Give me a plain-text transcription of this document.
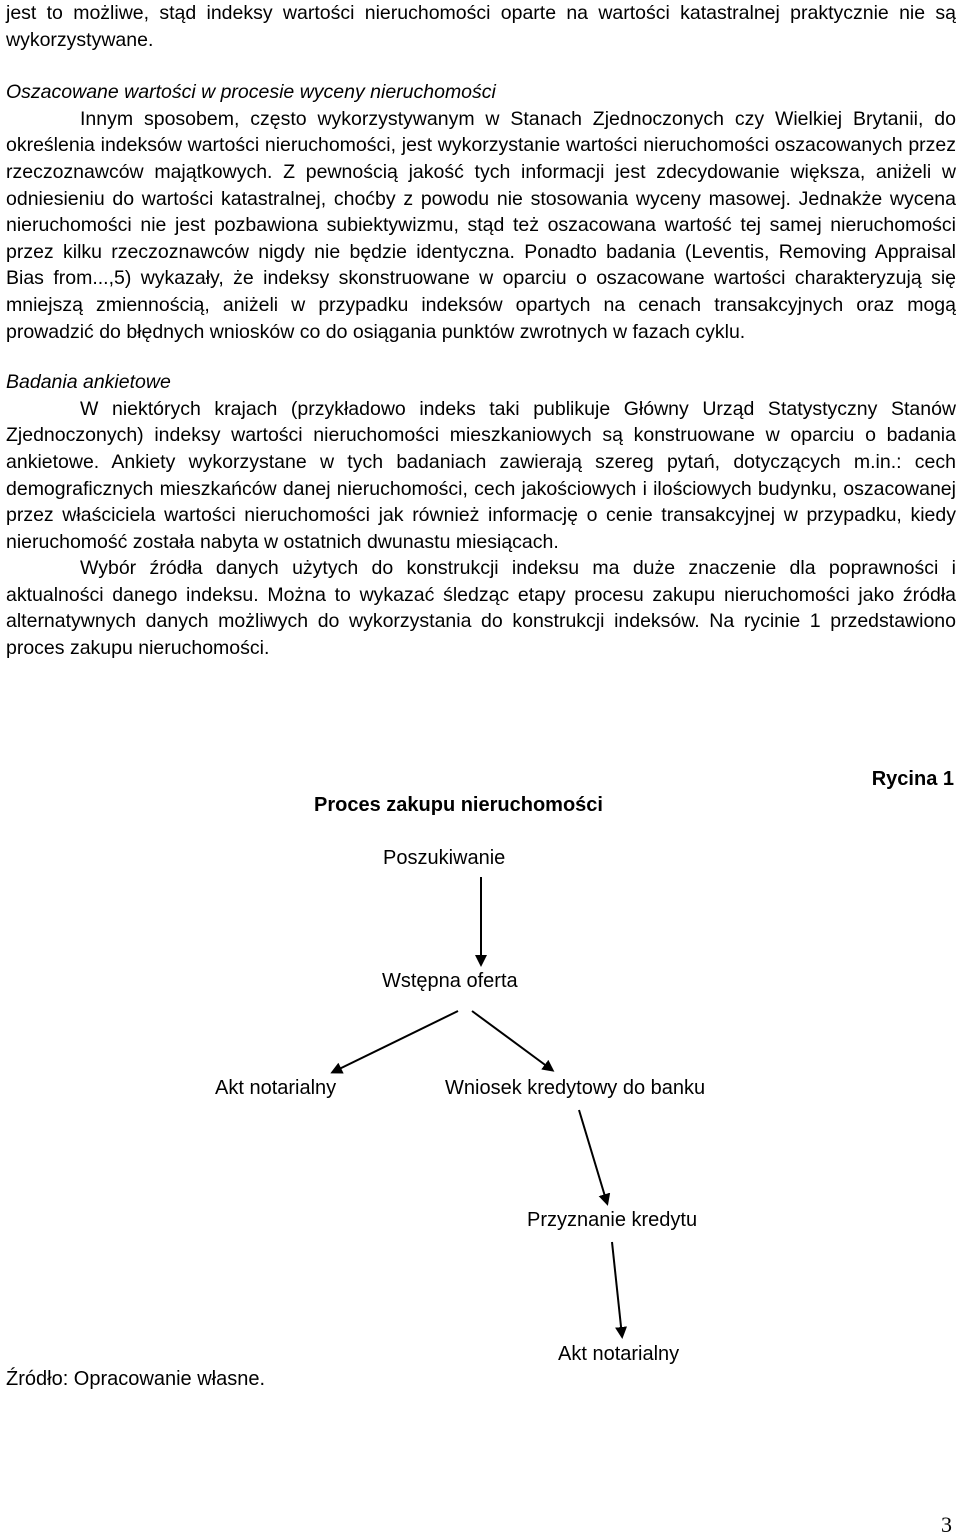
jest to możliwe, stąd indeksy wartości nieruchomości oparte na wartości katastralnej praktycznie nie są wykorzystywane.

Oszacowane wartości w procesie wyceny nieruchomości

Innym sposobem, często wykorzystywanym w Stanach Zjednoczonych czy Wielkiej Brytanii, do określenia indeksów wartości nieruchomości, jest wykorzystanie wartości nieruchomości oszacowanych przez rzeczoznawców majątkowych. Z pewnością jakość tych informacji jest zdecydowanie większa, aniżeli w odniesieniu do wartości katastralnej, choćby z powodu nie stosowania wyceny masowej. Jednakże wycena nieruchomości nie jest pozbawiona subiektywizmu, stąd też oszacowana wartość tej samej nieruchomości przez kilku rzeczoznawców nigdy nie będzie identyczna. Ponadto badania (Leventis, Removing Appraisal Bias from...,5) wykazały, że indeksy skonstruowane w oparciu o oszacowane wartości charakteryzują się mniejszą zmiennością, aniżeli w przypadku indeksów opartych na cenach transakcyjnych oraz mogą prowadzić do błędnych wniosków co do osiągania punktów zwrotnych w fazach cyklu.

Badania ankietowe

W niektórych krajach (przykładowo indeks taki publikuje Główny Urząd Statystyczny Stanów Zjednoczonych) indeksy wartości nieruchomości mieszkaniowych są konstruowane w oparciu o badania ankietowe. Ankiety wykorzystane w tych badaniach zawierają szereg pytań, dotyczących m.in.: cech demograficznych mieszkańców danej nieruchomości, cech jakościowych i ilościowych budynku, oszacowanej przez właściciela wartości nieruchomości jak również informację o cenie transakcyjnej w przypadku, kiedy nieruchomość została nabyta w ostatnich dwunastu miesiącach.

Wybór źródła danych użytych do konstrukcji indeksu ma duże znaczenie dla poprawności i aktualności danego indeksu. Można to wykazać śledząc etapy procesu zakupu nieruchomości jako źródła alternatywnych danych możliwych do wykorzystania do konstrukcji indeksów. Na rycinie 1 przedstawiono proces zakupu nieruchomości.

Rycina 1
Proces zakupu nieruchomości
Poszukiwanie
Wstępna oferta
Akt notarialny	Wniosek kredytowy do banku
Przyznanie kredytu
Akt notarialny
Źródło: Opracowanie własne.
3
